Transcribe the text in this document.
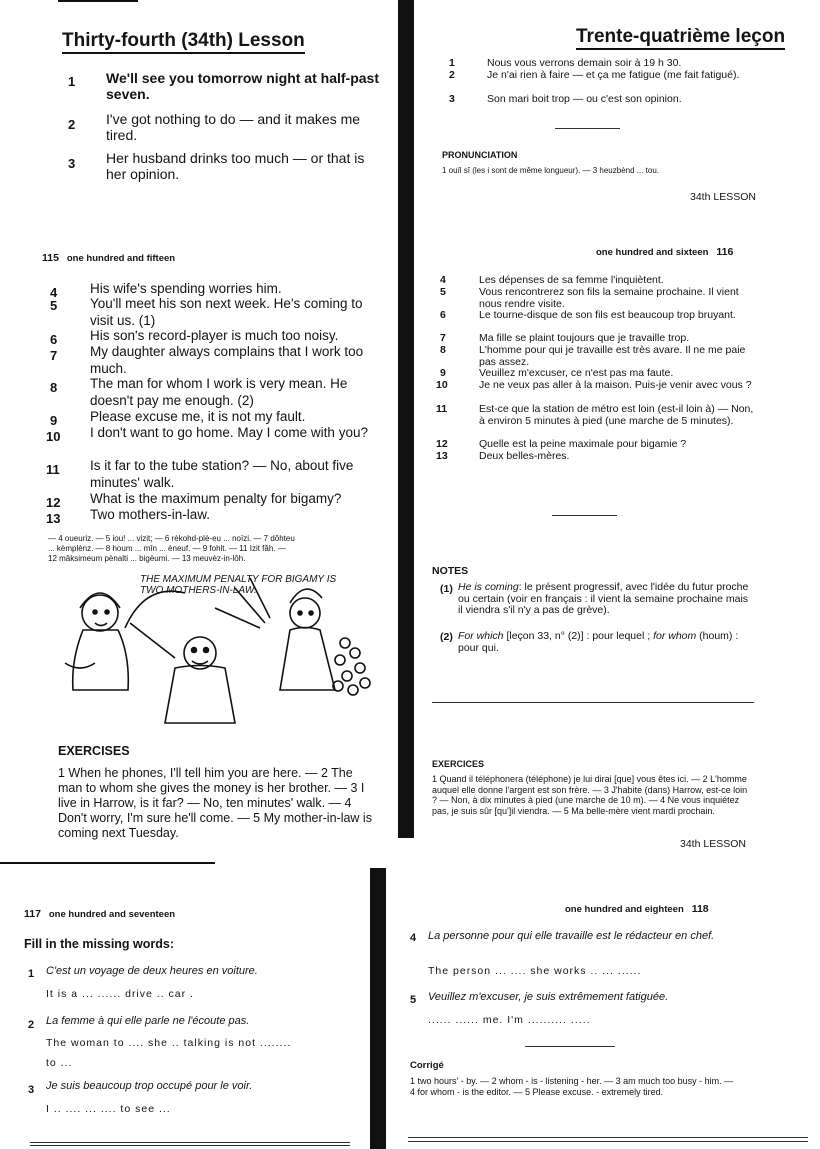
Thirty-fourth (34th) Lesson
1 We'll see you tomorrow night at half-past seven.
2 I've got nothing to do — and it makes me tired.
3 Her husband drinks too much — or that is her opinion.
Trente-quatrième leçon
1	Nous vous verrons demain soir à 19 h 30.
2	Je n'ai rien à faire — et ça me fatigue (me fait fatigué).
3	Son mari boit trop — ou c'est son opinion.
PRONUNCIATION
1 ouïl sî (les i sont de même longueur). — 3 heuzbènd ... tou.
34th LESSON
115 one hundred and fifteen
4 His wife's spending worries him.
5 You'll meet his son next week. He's coming to visit us. (1)
6 His son's record-player is much too noisy.
7 My daughter always complains that I work too much.
8 The man for whom I work is very mean. He doesn't pay me enough. (2)
9 Please excuse me, it is not my fault.
10 I don't want to go home. May I come with you?
11 Is it far to the tube station? — No, about five minutes' walk.
12 What is the maximum penalty for bigamy?
13 Two mothers-in-law.
— 4 oueuriz. — 5 iou! ... vizit; — 6 rèkohd-plè-eu ... noïzi. — 7 dôhteu
... kèmplènz. — 8 houm ... mîn ... èneuf. — 9 fohlt. — 11 Izit fâh. —
12 mâksimeum pènalti ... bigèumi. — 13 meuvèz-in-lôh.
THE MAXIMUM PENALTY FOR BIGAMY IS TWO MOTHERS-IN-LAW.
EXERCISES
1 When he phones, I'll tell him you are here. — 2 The man to whom she gives the money is her brother. — 3 I live in Harrow, is it far? — No, ten minutes' walk. — 4 Don't worry, I'm sure he'll come. — 5 My mother-in-law is coming next Tuesday.
one hundred and sixteen 116
4	Les dépenses de sa femme l'inquiètent.
5	Vous rencontrerez son fils la semaine prochaine. Il vient nous rendre visite.
6	Le tourne-disque de son fils est beaucoup trop bruyant.
7	Ma fille se plaint toujours que je travaille trop.
8	L'homme pour qui je travaille est très avare. Il ne me paie pas assez.
9	Veuillez m'excuser, ce n'est pas ma faute.
10	Je ne veux pas aller à la maison. Puis-je venir avec vous ?
11	Est-ce que la station de métro est loin (est-il loin à) — Non, à environ 5 minutes à pied (une marche de 5 minutes).
12	Quelle est la peine maximale pour bigamie ?
13	Deux belles-mères.
NOTES
(1) He is coming: le présent progressif, avec l'idée du futur proche ou certain (voir en français : il vient la semaine prochaine mais il viendra s'il n'y a pas de grève).
(2) For which [leçon 33, n° (2)] : pour lequel ; for whom (houm) : pour qui.
EXERCICES
1 Quand il téléphonera (téléphone) je lui dirai [que] vous êtes ici. — 2 L'homme auquel elle donne l'argent est son frère. — 3 J'habite (dans) Harrow, est-ce loin ? — Non, à dix minutes à pied (une marche de 10 m). — 4 Ne vous inquiétez pas, je suis sûr [qu']il viendra. — 5 Ma belle-mère vient mardi prochain.
34th LESSON
117 one hundred and seventeen
Fill in the missing words:
1 C'est un voyage de deux heures en voiture.
It is a ... ...... drive .. car .
2 La femme à qui elle parle ne l'écoute pas.
The woman to .... she .. talking is not ........
to ...
3 Je suis beaucoup trop occupé pour le voir.
I .. .... ... .... to see ...
one hundred and eighteen 118
4 La personne pour qui elle travaille est le rédacteur en chef.
The person ... .... she works .. ... ......
5 Veuillez m'excuser, je suis extrêmement fatiguée.
...... ...... me. I'm .......... .....
Corrigé
1 two hours' - by. — 2 whom - is - listening - her. — 3 am much too busy - him. — 4 for whom - is the editor. — 5 Please excuse. - extremely tired.
